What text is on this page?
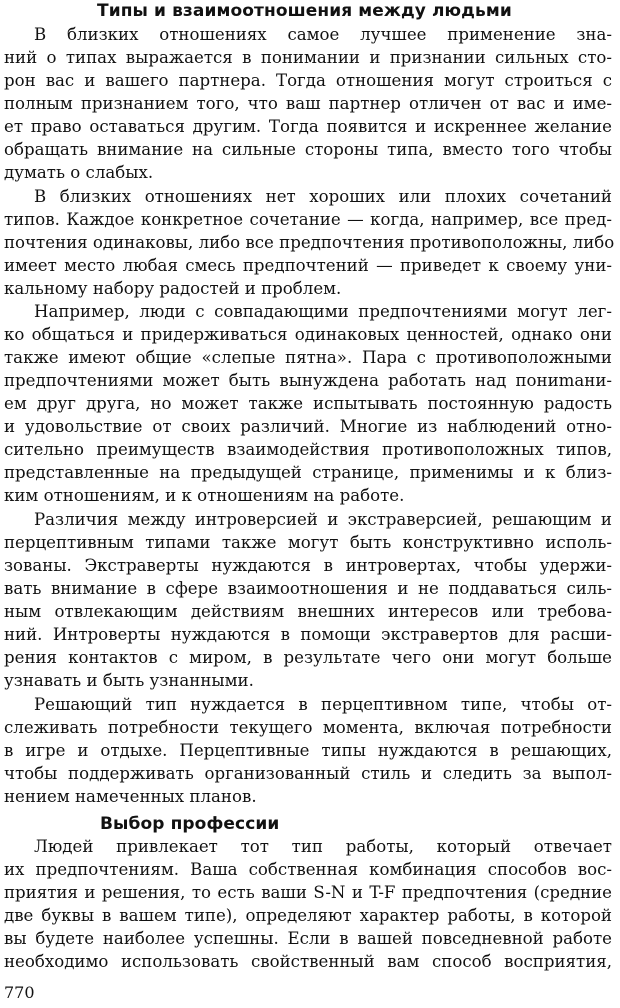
Типы и взаимоотношения между людьми
В близких отношениях самое лучшее применение зна-
ний о типах выражается в понимании и признании сильных сто-
рон вас и вашего партнера. Тогда отношения могут строиться с
полным признанием того, что ваш партнер отличен от вас и име-
ет право оставаться другим. Тогда появится и искреннее желание
обращать внимание на сильные стороны типа, вместо того чтобы
думать о слабых.
В близких отношениях нет хороших или плохих сочетаний
типов. Каждое конкретное сочетание — когда, например, все пред-
почтения одинаковы, либо все предпочтения противоположны, либо
имеет место любая смесь предпочтений — приведет к своему уни-
кальному набору радостей и проблем.
Например, люди с совпадающими предпочтениями могут лег-
ко общаться и придерживаться одинаковых ценностей, однако они
также имеют общие «слепые пятна». Пара с противоположными
предпочтениями может быть вынуждена работать над пониmани-
ем друг друга, но может также испытывать постоянную радость
и удовольствие от своих различий. Многие из наблюдений отно-
сительно преимуществ взаимодействия противоположных типов,
представленные на предыдущей странице, применимы и к близ-
ким отношениям, и к отношениям на работе.
Различия между интроверсией и экстраверсией, решающим и
перцептивным типами также могут быть конструктивно исполь-
зованы. Экстраверты нуждаются в интровертах, чтобы удержи-
вать внимание в сфере взаимоотношения и не поддаваться силь-
ным отвлекающим действиям внешних интересов или требова-
ний. Интроверты нуждаются в помощи экстравертов для расши-
рения контактов с миром, в результате чего они могут больше
узнавать и быть узнанными.
Решающий тип нуждается в перцептивном типе, чтобы от-
слеживать потребности текущего момента, включая потребности
в игре и отдыхе. Перцептивные типы нуждаются в решающих,
чтобы поддерживать организованный стиль и следить за выпол-
нением намеченных планов.
Выбор профессии
Людей привлекает тот тип работы, который отвечает
их предпочтениям. Ваша собственная комбинация способов вос-
приятия и решения, то есть ваши S-N и T-F предпочтения (средние
две буквы в вашем типе), определяют характер работы, в которой
вы будете наиболее успешны. Если в вашей повседневной работе
необходимо использовать свойственный вам способ восприятия,
770
